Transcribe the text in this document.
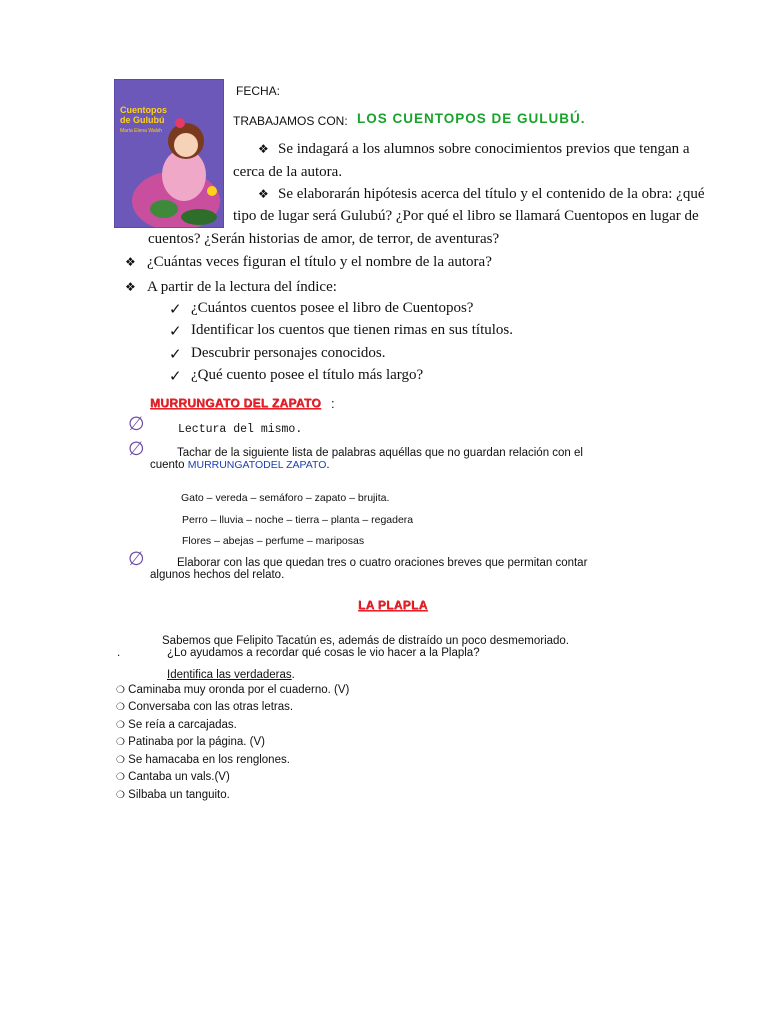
Cuentopos de Gulubú
María Elena Walsh
FECHA:
TRABAJAMOS CON: LOS CUENTOPOS DE GULUBÚ.
❖ Se indagará a los alumnos sobre conocimientos previos que tengan a
cerca de la autora.
❖ Se elaborarán hipótesis acerca del título y el contenido de la obra: ¿qué
tipo de lugar será Gulubú? ¿Por qué el libro se llamará Cuentopos en lugar de
cuentos? ¿Serán historias de amor, de terror, de aventuras?
❖ ¿Cuántas veces figuran el título y el nombre de la autora?
❖ A partir de la lectura del índice:
✓ ¿Cuántos cuentos posee el libro de Cuentopos?
✓ Identificar los cuentos que tienen rimas en sus títulos.
✓ Descubrir personajes conocidos.
✓ ¿Qué cuento posee el título más largo?
MURRUNGATO DEL ZAPATO :
∅	Lectura del mismo.
∅	Tachar de la siguiente lista de palabras aquéllas que no guardan relación con el
cuento MURRUNGATODEL ZAPATO.
Gato – vereda – semáforo – zapato – brujita.
Perro – lluvia – noche – tierra – planta – regadera
Flores – abejas – perfume – mariposas
∅	Elaborar con las que quedan tres o cuatro oraciones breves que permitan contar
algunos hechos del relato.
LA PLAPLA
Sabemos que Felipito Tacatún es, además de distraído un poco desmemoriado.
.	¿Lo ayudamos a recordar qué cosas le vio hacer a la Plapla?
Identifica las verdaderas.
❍ Caminaba muy oronda por el cuaderno. (V)
❍ Conversaba con las otras letras.
❍ Se reía a carcajadas.
❍ Patinaba por la página. (V)
❍ Se hamacaba en los renglones.
❍ Cantaba un vals.(V)
❍ Silbaba un tanguito.
